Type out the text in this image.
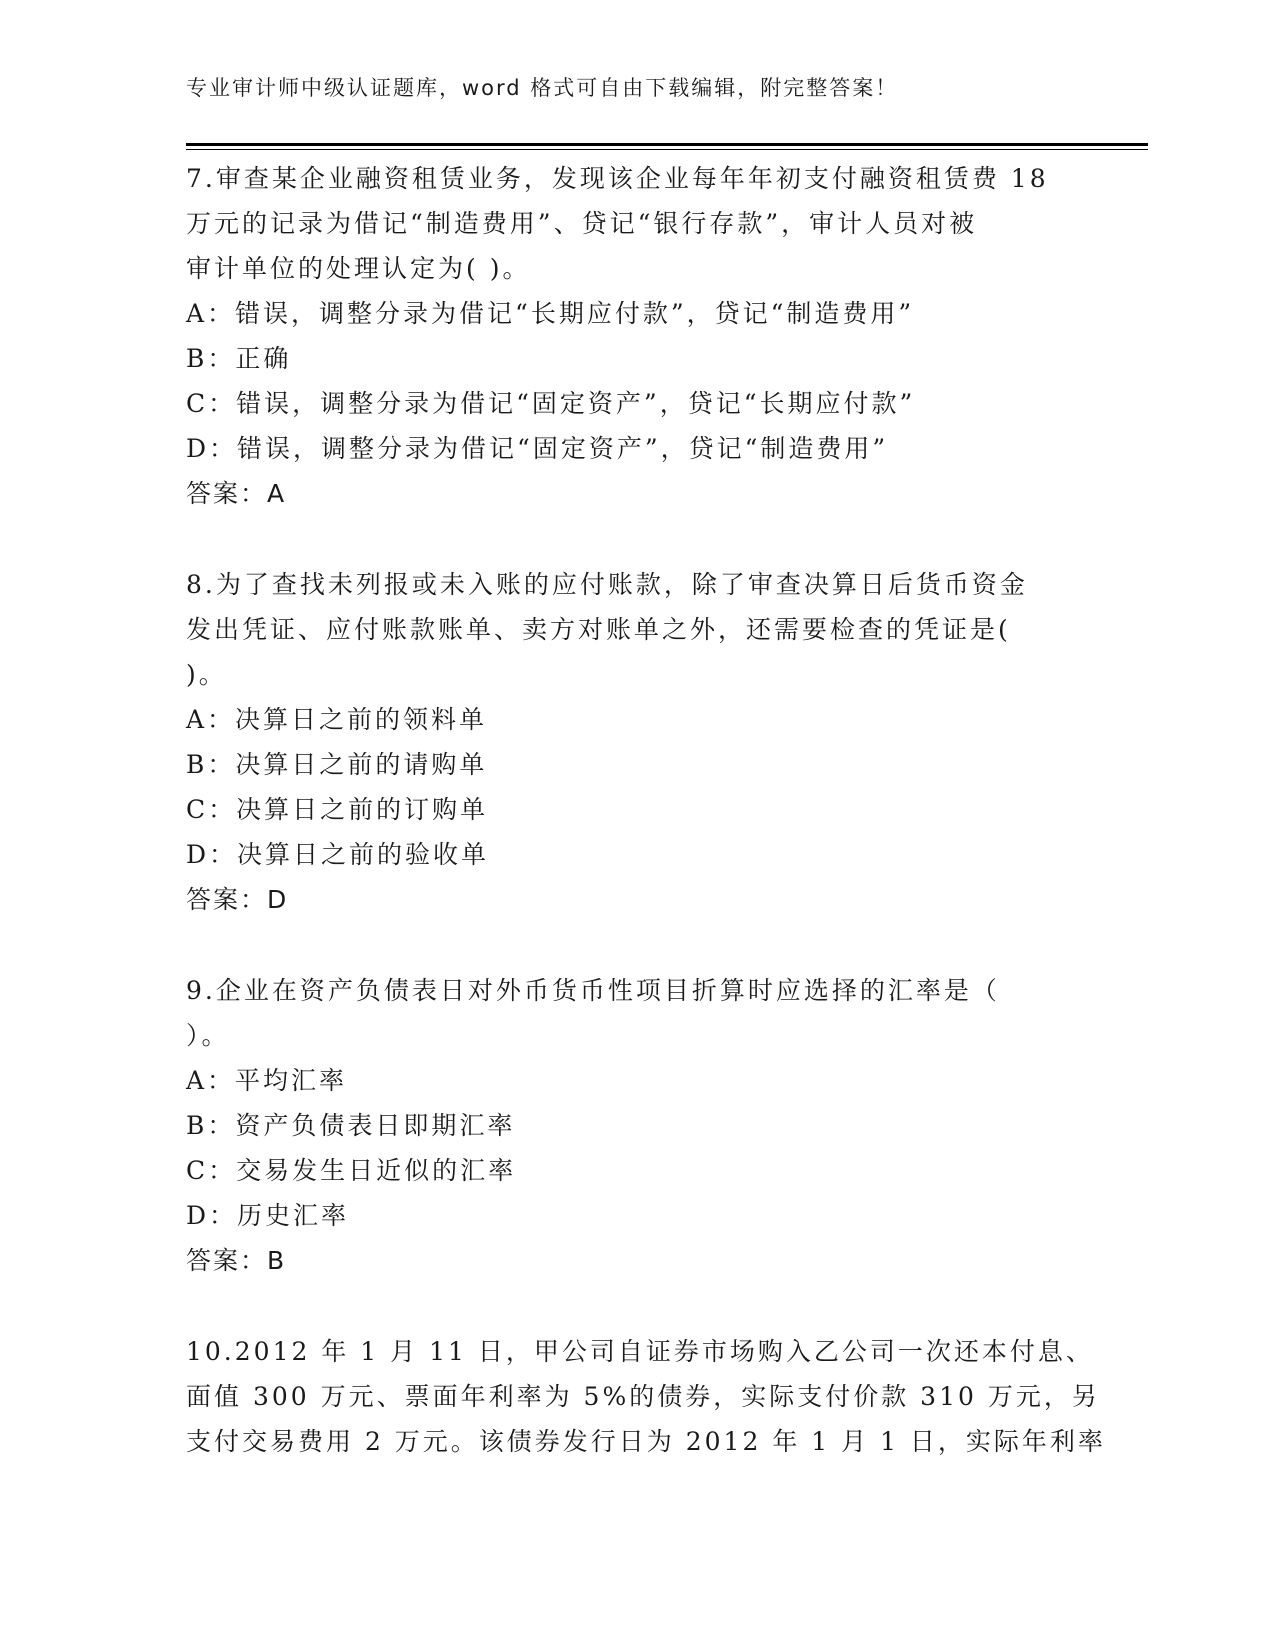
专业审计师中级认证题库，word 格式可自由下载编辑，附完整答案！
7.审查某企业融资租赁业务，发现该企业每年年初支付融资租赁费 18
万元的记录为借记“制造费用”、贷记“银行存款”，审计人员对被
审计单位的处理认定为( )。
A：错误，调整分录为借记“长期应付款”，贷记“制造费用”
B：正确
C：错误，调整分录为借记“固定资产”，贷记“长期应付款”
D：错误，调整分录为借记“固定资产”，贷记“制造费用”
答案：A
8.为了查找未列报或未入账的应付账款，除了审查决算日后货币资金
发出凭证、应付账款账单、卖方对账单之外，还需要检查的凭证是(
)。
A：决算日之前的领料单
B：决算日之前的请购单
C：决算日之前的订购单
D：决算日之前的验收单
答案：D
9.企业在资产负债表日对外币货币性项目折算时应选择的汇率是（
）。
A：平均汇率
B：资产负债表日即期汇率
C：交易发生日近似的汇率
D：历史汇率
答案：B
10.2012 年 1 月 11 日，甲公司自证券市场购入乙公司一次还本付息、
面值 300 万元、票面年利率为 5%的债券，实际支付价款 310 万元，另
支付交易费用 2 万元。该债券发行日为 2012 年 1 月 1 日，实际年利率
